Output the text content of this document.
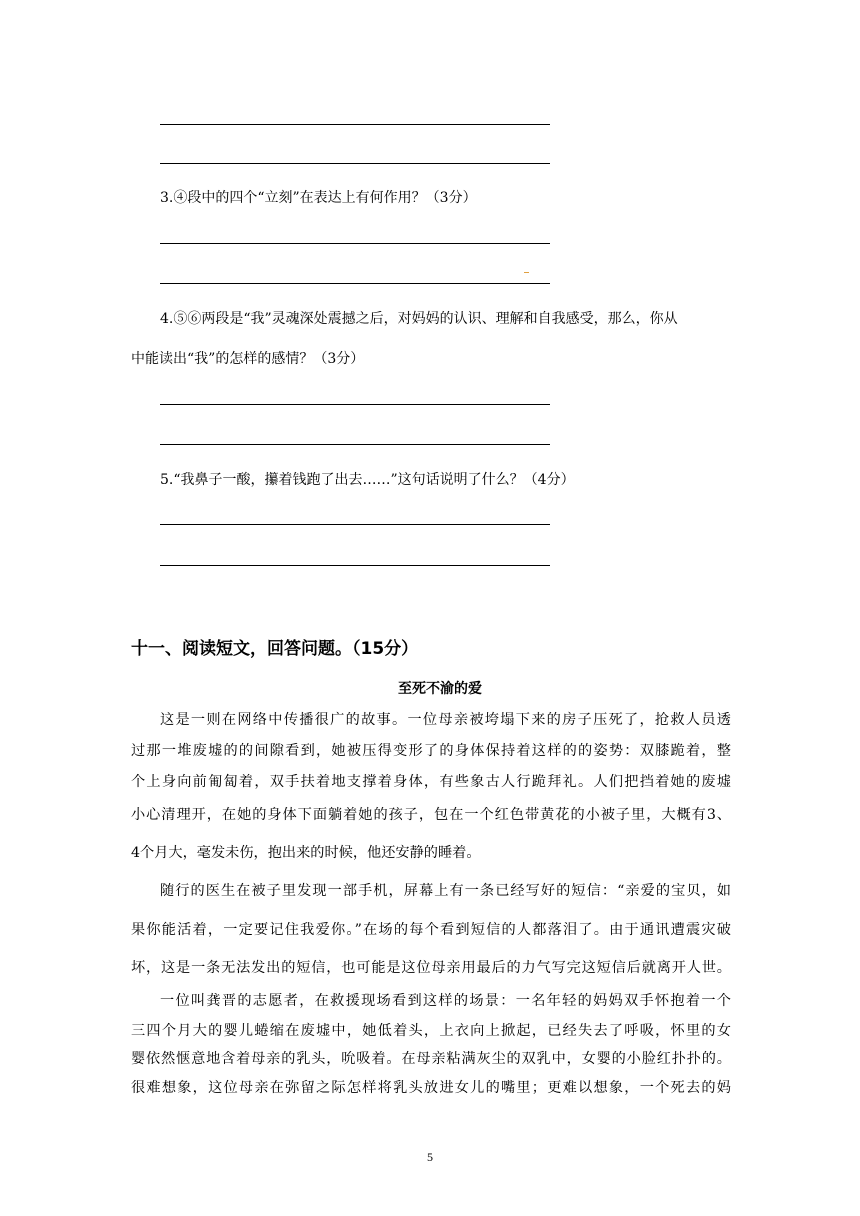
3.④段中的四个“立刻”在表达上有何作用？（3分）
4.⑤⑥两段是“我”灵魂深处震撼之后，对妈妈的认识、理解和自我感受，那么，你从
中能读出“我”的怎样的感情？（3分）
5.“我鼻子一酸，攥着钱跑了出去……”这句话说明了什么？（4分）
十一、阅读短文，回答问题。（15分）
至死不渝的爱
这是一则在网络中传播很广的故事。一位母亲被垮塌下来的房子压死了，抢救人员透
过那一堆废墟的的间隙看到，她被压得变形了的身体保持着这样的的姿势：双膝跪着，整
个上身向前匍匐着，双手扶着地支撑着身体，有些象古人行跪拜礼。人们把挡着她的废墟
小心清理开，在她的身体下面躺着她的孩子，包在一个红色带黄花的小被子里，大概有3、
4个月大，毫发未伤，抱出来的时候，他还安静的睡着。
随行的医生在被子里发现一部手机，屏幕上有一条已经写好的短信：“亲爱的宝贝，如
果你能活着，一定要记住我爱你。”在场的每个看到短信的人都落泪了。由于通讯遭震灾破
坏，这是一条无法发出的短信，也可能是这位母亲用最后的力气写完这短信后就离开人世。
一位叫龚晋的志愿者，在救援现场看到这样的场景：一名年轻的妈妈双手怀抱着一个
三四个月大的婴儿蜷缩在废墟中，她低着头，上衣向上掀起，已经失去了呼吸，怀里的女
婴依然惬意地含着母亲的乳头，吮吸着。在母亲粘满灰尘的双乳中，女婴的小脸红扑扑的。
很难想象，这位母亲在弥留之际怎样将乳头放进女儿的嘴里；更难以想象，一个死去的妈
5
